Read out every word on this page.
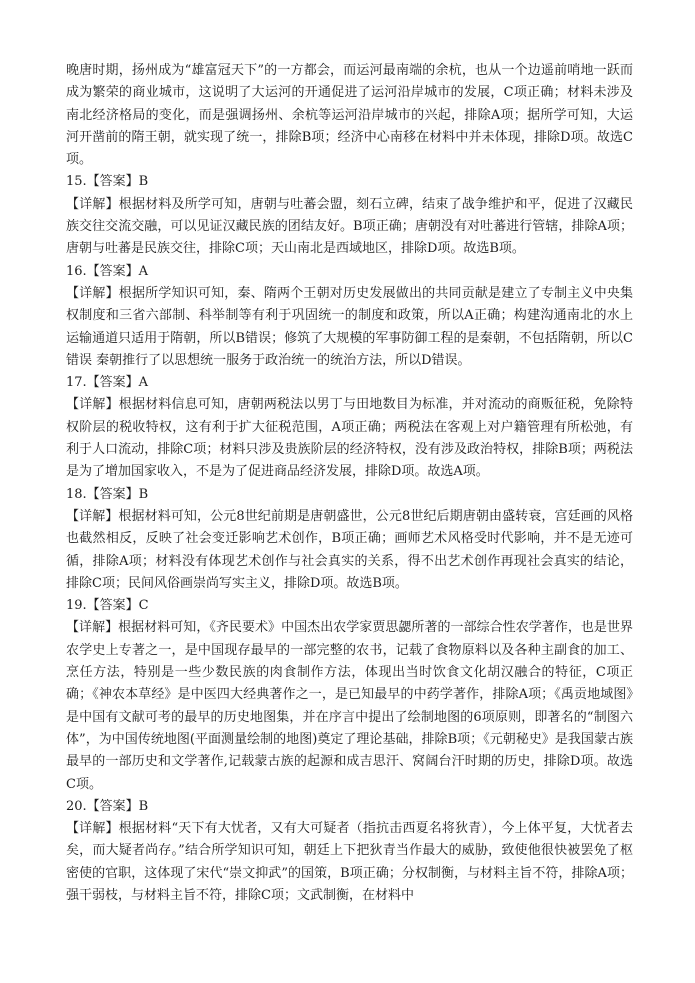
晚唐时期，扬州成为“雄富冠天下”的一方都会，而运河最南端的余杭，也从一个边遥前哨地一跃而成为繁荣的商业城市，这说明了大运河的开通促进了运河沿岸城市的发展，C项正确；材料未涉及南北经济格局的变化，而是强调扬州、余杭等运河沿岸城市的兴起，排除A项；据所学可知，大运河开凿前的隋王朝，就实现了统一，排除B项；经济中心南移在材料中并未体现，排除D项。故选C项。

15.【答案】B

【详解】根据材料及所学可知，唐朝与吐蕃会盟，刻石立碑，结束了战争维护和平，促进了汉藏民族交往交流交融，可以见证汉藏民族的团结友好。B项正确；唐朝没有对吐蕃进行管辖，排除A项；唐朝与吐蕃是民族交往，排除C项；天山南北是西域地区，排除D项。故选B项。

16.【答案】A

【详解】根据所学知识可知，秦、隋两个王朝对历史发展做出的共同贡献是建立了专制主义中央集权制度和三省六部制、科举制等有利于巩固统一的制度和政策，所以A正确；构建沟通南北的水上运输通道只适用于隋朝，所以B错误；修筑了大规模的军事防御工程的是秦朝，不包括隋朝，所以C错误 秦朝推行了以思想统一服务于政治统一的统治方法，所以D错误。

17.【答案】A

【详解】根据材料信息可知，唐朝两税法以男丁与田地数目为标准，并对流动的商贩征税，免除特权阶层的税收特权，这有利于扩大征税范围，A项正确；两税法在客观上对户籍管理有所松弛，有利于人口流动，排除C项；材料只涉及贵族阶层的经济特权，没有涉及政治特权，排除B项；两税法是为了增加国家收入，不是为了促进商品经济发展，排除D项。故选A项。

18.【答案】B

【详解】根据材料可知，公元8世纪前期是唐朝盛世，公元8世纪后期唐朝由盛转衰，宫廷画的风格也截然相反，反映了社会变迁影响艺术创作，B项正确；画师艺术风格受时代影响，并不是无迹可循，排除A项；材料没有体现艺术创作与社会真实的关系，得不出艺术创作再现社会真实的结论，排除C项；民间风俗画崇尚写实主义，排除D项。故选B项。

19.【答案】C

【详解】根据材料可知，《齐民要术》中国杰出农学家贾思勰所著的一部综合性农学著作，也是世界农学史上专著之一，是中国现存最早的一部完整的农书，记载了食物原料以及各种主副食的加工、烹任方法，特别是一些少数民族的肉食制作方法，体现出当时饮食文化胡汉融合的特征，C项正确；《神农本草经》是中医四大经典著作之一，是已知最早的中药学著作，排除A项；《禹贡地域图》是中国有文献可考的最早的历史地图集，并在序言中提出了绘制地图的6项原则，即著名的“制图六体”，为中国传统地图(平面测量绘制的地图)奠定了理论基础，排除B项；《元朝秘史》是我国蒙古族最早的一部历史和文学著作,记载蒙古族的起源和成吉思汗、窝阔台汗时期的历史，排除D项。故选C项。

20.【答案】B

【详解】根据材料“天下有大忧者，又有大可疑者（指抗击西夏名将狄青），今上体平复，大忧者去矣，而大疑者尚存。”结合所学知识可知，朝廷上下把狄青当作最大的威胁，致使他很快被罢免了枢密使的官职，这体现了宋代“崇文抑武”的国策，B项正确；分权制衡，与材料主旨不符，排除A项；强干弱枝，与材料主旨不符，排除C项；文武制衡，在材料中
